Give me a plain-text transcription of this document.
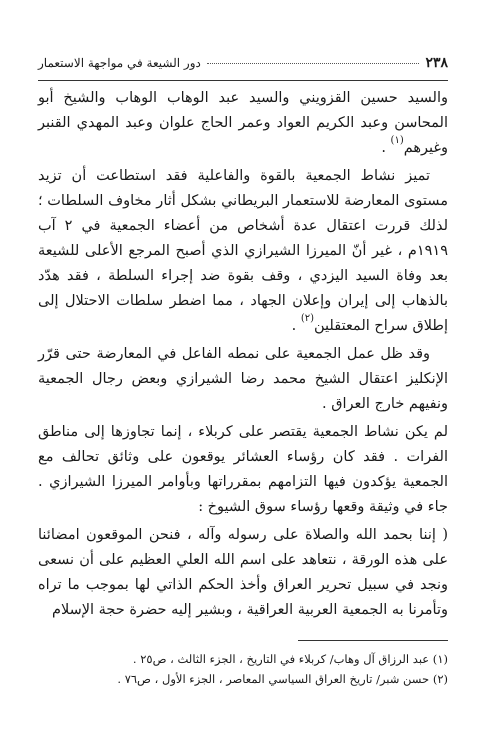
٢٣٨
دور الشيعة في مواجهة الاستعمار

والسيد حسين القزويني والسيد عبد الوهاب الوهاب والشيخ أبو المحاسن وعبد الكريم العواد وعمر الحاج علوان وعبد المهدي القنبر وغيرهم$^{(١)}$ .

تميز نشاط الجمعية بالقوة والفاعلية فقد استطاعت أن تزيد مستوى المعارضة للاستعمار البريطاني بشكل أثار مخاوف السلطات ؛ لذلك قررت اعتقال عدة أشخاص من أعضاء الجمعية في ٢ آب ١٩١٩م ، غير أنّ الميرزا الشيرازي الذي أصبح المرجع الأعلى للشيعة بعد وفاة السيد اليزدي ، وقف بقوة ضد إجراء السلطة ، فقد هدّد بالذهاب إلى إيران وإعلان الجهاد ، مما اضطر سلطات الاحتلال إلى إطلاق سراح المعتقلين$^{(٢)}$ .

وقد ظل عمل الجمعية على نمطه الفاعل في المعارضة حتى قرّر الإنكليز اعتقال الشيخ محمد رضا الشيرازي وبعض رجال الجمعية ونفيهم خارج العراق .

لم يكن نشاط الجمعية يقتصر على كربلاء ، إنما تجاوزها إلى مناطق الفرات . فقد كان رؤساء العشائر يوقعون على وثائق تحالف مع الجمعية يؤكدون فيها التزامهم بمقرراتها وبأوامر الميرزا الشيرازي . جاء في وثيقة وقعها رؤساء سوق الشيوخ :

( إننا بحمد الله والصلاة على رسوله وآله ، فنحن الموقعون امضائنا على هذه الورقة ، نتعاهد على اسم الله العلي العظيم على أن نسعى ونجد في سبيل تحرير العراق وأخذ الحكم الذاتي لها بموجب ما تراه وتأمرنا به الجمعية العربية العراقية ، وبشير إليه حضرة حجة الإسلام

(١) عبد الرزاق آل وهاب/ كربلاء في التاريخ ، الجزء الثالث ، ص٢٥ .
(٢) حسن شبر/ تاريخ العراق السياسي المعاصر ، الجزء الأول ، ص٧٦ .
